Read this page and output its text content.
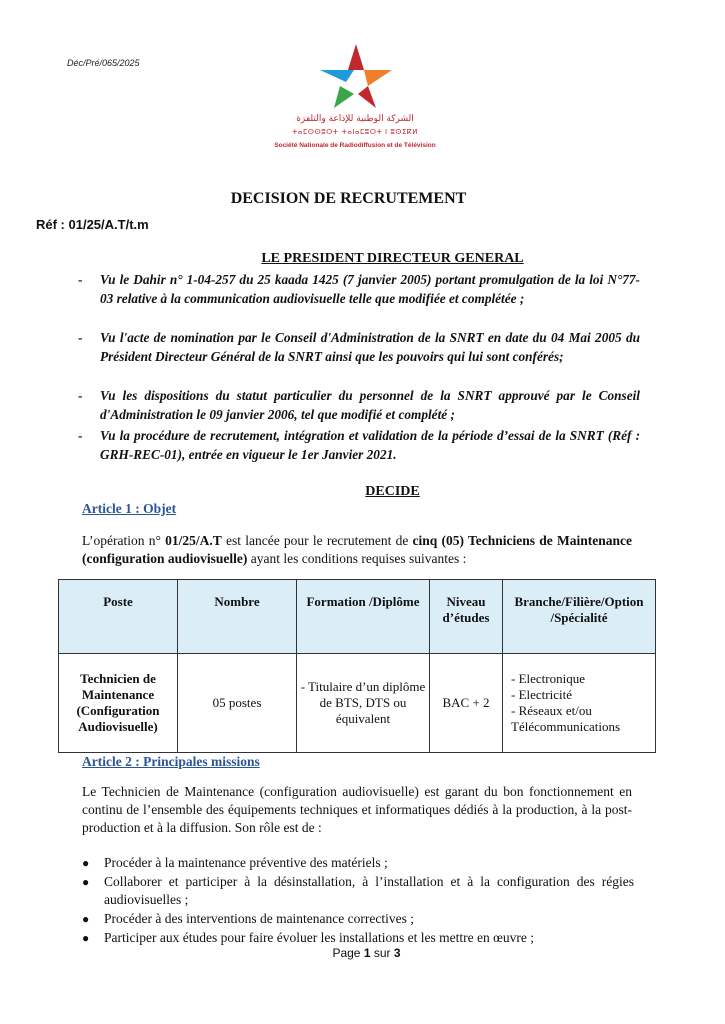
Déc/Pré/065/2025
الشركة الوطنية للإذاعة والتلفزة
ⵜⴰⵎⵙⵙⵓⵔⵜ ⵜⴰⵏⴰⵎⵓⵔⵜ ⵏ ⵓⵙⵉⴽⵍ
Société Nationale de Radiodiffusion et de Télévision
DECISION DE RECRUTEMENT
Réf : 01/25/A.T/t.m
LE PRESIDENT DIRECTEUR GENERAL
- Vu le Dahir n° 1-04-257 du 25 kaada 1425 (7 janvier 2005) portant promulgation de la loi N°77-03 relative à la communication audiovisuelle telle que modifiée et complétée ;
- Vu l'acte de nomination par le Conseil d'Administration de la SNRT en date du 04 Mai 2005 du Président Directeur Général de la SNRT ainsi que les pouvoirs qui lui sont conférés;
- Vu les dispositions du statut particulier du personnel de la SNRT approuvé par le Conseil d'Administration le 09 janvier 2006, tel que modifié et complété ;
- Vu la procédure de recrutement, intégration et validation de la période d’essai de la SNRT (Réf : GRH-REC-01), entrée en vigueur le 1er Janvier 2021.
DECIDE
Article 1 : Objet
L’opération n° 01/25/A.T est lancée pour le recrutement de cinq (05) Techniciens de Maintenance (configuration audiovisuelle) ayant les conditions requises suivantes :
Poste	Nombre	Formation /Diplôme	Niveau d’études	Branche/Filière/Option /Spécialité
Technicien de Maintenance (Configuration Audiovisuelle)	05 postes	- Titulaire d’un diplôme de BTS, DTS ou équivalent	BAC + 2	- Electronique
- Electricité
- Réseaux et/ou
Télécommunications
Article 2 : Principales missions
Le Technicien de Maintenance (configuration audiovisuelle) est garant du bon fonctionnement en continu de l’ensemble des équipements techniques et informatiques dédiés à la production, à la post-production et à la diffusion. Son rôle est de :
● Procéder à la maintenance préventive des matériels ;
● Collaborer et participer à la désinstallation, à l’installation et à la configuration des régies audiovisuelles ;
● Procéder à des interventions de maintenance correctives ;
● Participer aux études pour faire évoluer les installations et les mettre en œuvre ;
Page 1 sur 3
